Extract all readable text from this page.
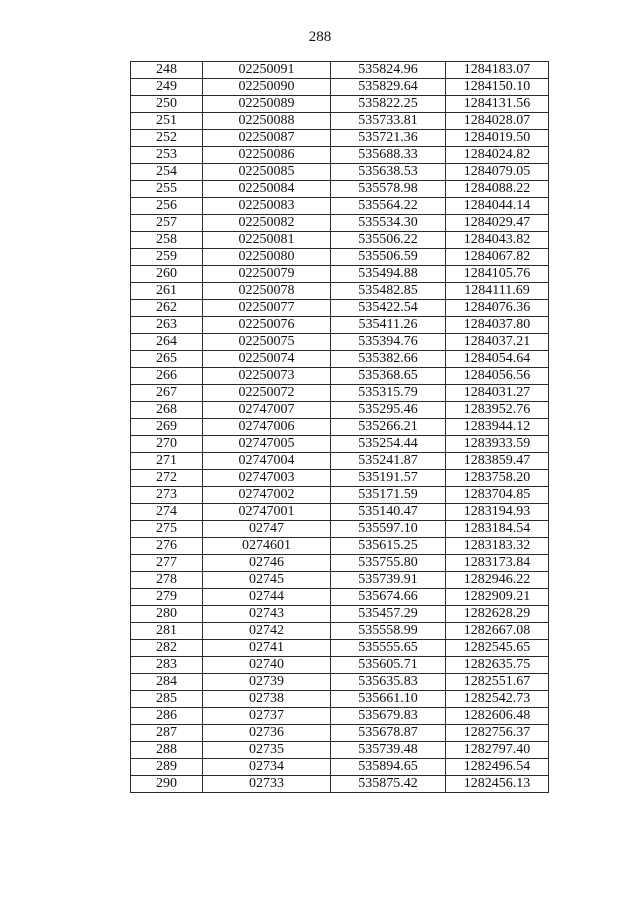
288
248	02250091	535824.96	1284183.07
249	02250090	535829.64	1284150.10
250	02250089	535822.25	1284131.56
251	02250088	535733.81	1284028.07
252	02250087	535721.36	1284019.50
253	02250086	535688.33	1284024.82
254	02250085	535638.53	1284079.05
255	02250084	535578.98	1284088.22
256	02250083	535564.22	1284044.14
257	02250082	535534.30	1284029.47
258	02250081	535506.22	1284043.82
259	02250080	535506.59	1284067.82
260	02250079	535494.88	1284105.76
261	02250078	535482.85	1284111.69
262	02250077	535422.54	1284076.36
263	02250076	535411.26	1284037.80
264	02250075	535394.76	1284037.21
265	02250074	535382.66	1284054.64
266	02250073	535368.65	1284056.56
267	02250072	535315.79	1284031.27
268	02747007	535295.46	1283952.76
269	02747006	535266.21	1283944.12
270	02747005	535254.44	1283933.59
271	02747004	535241.87	1283859.47
272	02747003	535191.57	1283758.20
273	02747002	535171.59	1283704.85
274	02747001	535140.47	1283194.93
275	02747	535597.10	1283184.54
276	0274601	535615.25	1283183.32
277	02746	535755.80	1283173.84
278	02745	535739.91	1282946.22
279	02744	535674.66	1282909.21
280	02743	535457.29	1282628.29
281	02742	535558.99	1282667.08
282	02741	535555.65	1282545.65
283	02740	535605.71	1282635.75
284	02739	535635.83	1282551.67
285	02738	535661.10	1282542.73
286	02737	535679.83	1282606.48
287	02736	535678.87	1282756.37
288	02735	535739.48	1282797.40
289	02734	535894.65	1282496.54
290	02733	535875.42	1282456.13
